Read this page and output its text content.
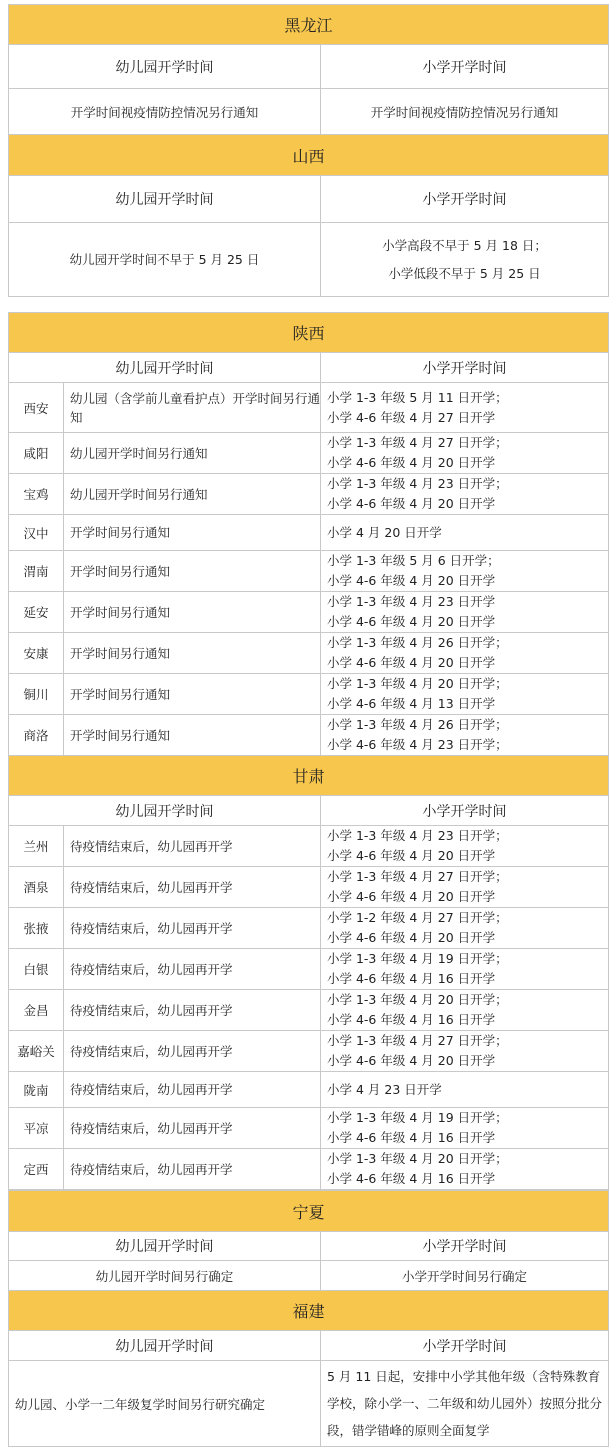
黑龙江	
幼儿园开学时间	小学开学时间
开学时间视疫情防控情况另行通知	开学时间视疫情防控情况另行通知
山西	
幼儿园开学时间	小学开学时间
幼儿园开学时间不早于 5 月 25 日	小学高段不早于 5 月 18 日；
小学低段不早于 5 月 25 日
陕西		
幼儿园开学时间		小学开学时间
西安	幼儿园（含学前儿童看护点）开学时间另行通知	小学 1-3 年级 5 月 11 日开学；
小学 4-6 年级 4 月 27 日开学

咸阳	幼儿园开学时间另行通知	小学 1-3 年级 4 月 27 日开学；
小学 4-6 年级 4 月 20 日开学

宝鸡	幼儿园开学时间另行通知	小学 1-3 年级 4 月 23 日开学；
小学 4-6 年级 4 月 20 日开学

汉中	开学时间另行通知	小学 4 月 20 日开学

渭南	开学时间另行通知	小学 1-3 年级 5 月 6 日开学；
小学 4-6 年级 4 月 20 日开学

延安	开学时间另行通知	小学 1-3 年级 4 月 23 日开学
小学 4-6 年级 4 月 20 日开学

安康	开学时间另行通知	小学 1-3 年级 4 月 26 日开学；
小学 4-6 年级 4 月 20 日开学

铜川	开学时间另行通知	小学 1-3 年级 4 月 20 日开学；
小学 4-6 年级 4 月 13 日开学

商洛	开学时间另行通知	小学 1-3 年级 4 月 26 日开学；
小学 4-6 年级 4 月 23 日开学；

甘肃		
幼儿园开学时间		小学开学时间
兰州	待疫情结束后，幼儿园再开学	小学 1-3 年级 4 月 23 日开学；
小学 4-6 年级 4 月 20 日开学

酒泉	待疫情结束后，幼儿园再开学	小学 1-3 年级 4 月 27 日开学；
小学 4-6 年级 4 月 20 日开学

张掖	待疫情结束后，幼儿园再开学	小学 1-2 年级 4 月 27 日开学；
小学 4-6 年级 4 月 20 日开学

白银	待疫情结束后，幼儿园再开学	小学 1-3 年级 4 月 19 日开学；
小学 4-6 年级 4 月 16 日开学

金昌	待疫情结束后，幼儿园再开学	小学 1-3 年级 4 月 20 日开学；
小学 4-6 年级 4 月 16 日开学

嘉峪关	待疫情结束后，幼儿园再开学	小学 1-3 年级 4 月 27 日开学；
小学 4-6 年级 4 月 20 日开学

陇南	待疫情结束后，幼儿园再开学	小学 4 月 23 日开学

平凉	待疫情结束后，幼儿园再开学	小学 1-3 年级 4 月 19 日开学；
小学 4-6 年级 4 月 16 日开学

定西	待疫情结束后，幼儿园再开学	小学 1-3 年级 4 月 20 日开学；
小学 4-6 年级 4 月 16 日开学
宁夏	
幼儿园开学时间	小学开学时间
幼儿园开学时间另行确定	小学开学时间另行确定
福建	
幼儿园开学时间	小学开学时间
幼儿园、小学一二年级复学时间另行研究确定	5 月 11 日起，安排中小学其他年级（含特殊教育学校，除小学一、二年级和幼儿园外）按照分批分段，错学错峰的原则全面复学
